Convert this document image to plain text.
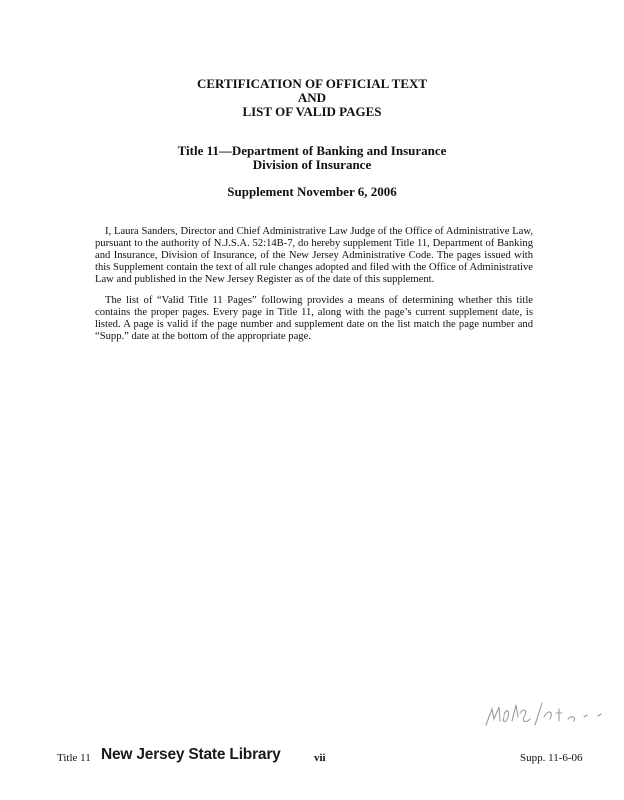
CERTIFICATION OF OFFICIAL TEXT
AND
LIST OF VALID PAGES
Title 11—Department of Banking and Insurance
Division of Insurance
Supplement November 6, 2006

I, Laura Sanders, Director and Chief Administrative Law Judge of the Office of Administrative Law, pursuant to the authority of N.J.S.A. 52:14B-7, do hereby supplement Title 11, Department of Banking and Insurance, Division of Insurance, of the New Jersey Administrative Code. The pages issued with this Supplement contain the text of all rule changes adopted and filed with the Office of Administrative Law and published in the New Jersey Register as of the date of this supplement.

The list of “Valid Title 11 Pages” following provides a means of determining whether this title contains the proper pages. Every page in Title 11, along with the page’s current supplement date, is listed. A page is valid if the page number and supplement date on the list match the page number and “Supp.” date at the bottom of the appropriate page.

Title 11 New Jersey State Library	vii	Supp. 11-6-06
